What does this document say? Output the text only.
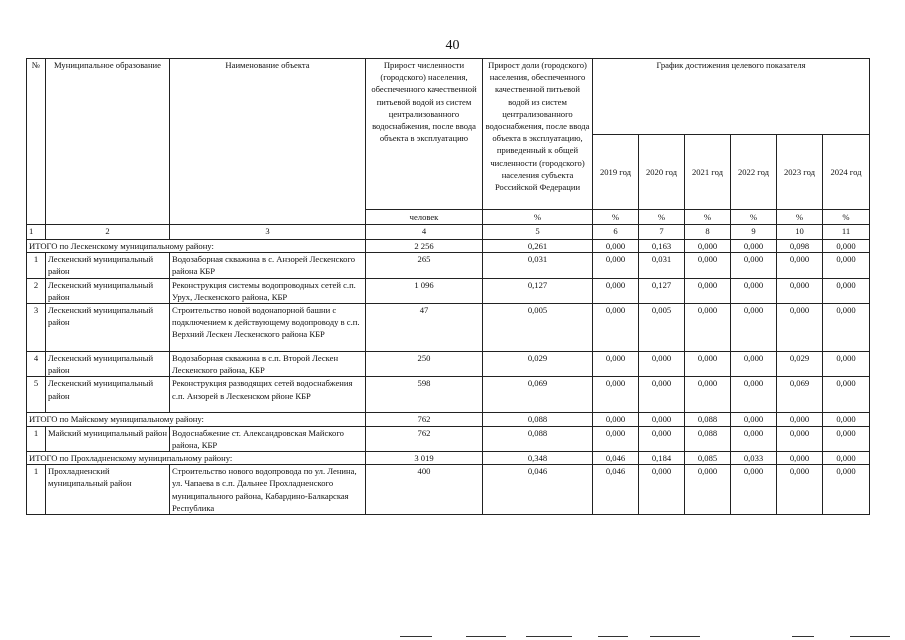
40
№	Муниципальное образование	Наименование объекта	Прирост численности (городского) населения, обеспеченного качественной питьевой водой из систем централизованного водоснабжения, после ввода объекта в эксплуатацию	Прирост доли (городского) населения, обеспеченного качественной питьевой водой из систем централизованного водоснабжения, после ввода объекта в эксплуатацию, приведенный к общей численности (городского) населения субъекта Российской Федерации	График достижения целевого показателя					
					2019 год	2020 год	2021 год	2022 год	2023 год	2024 год
			человек	%	%	%	%	%	%	%
1	2	3	4	5	6	7	8	9	10	11
ИТОГО по Лескенскому муниципальному району:			2 256	0,261	0,000	0,163	0,000	0,000	0,098	0,000
1	Лескенский муниципальный район	Водозаборная скважина в с. Анзорей Лескенского района КБР	265	0,031	0,000	0,031	0,000	0,000	0,000	0,000
2	Лескенский муниципальный район	Реконструкция системы водопроводных сетей с.п. Урух, Лескенского района, КБР	1 096	0,127	0,000	0,127	0,000	0,000	0,000	0,000
3	Лескенский муниципальный район	Строительство новой водонапорной башни с подключением к действующему водопроводу в с.п. Верхний Лескен Лескенского района КБР	47	0,005	0,000	0,005	0,000	0,000	0,000	0,000
4	Лескенский муниципальный район	Водозаборная скважина в с.п. Второй Лескен Лескенского района, КБР	250	0,029	0,000	0,000	0,000	0,000	0,029	0,000
5	Лескенский муниципальный район	Реконструкция разводящих сетей водоснабжения с.п. Анзорей в Лескенском рйоне КБР	598	0,069	0,000	0,000	0,000	0,000	0,069	0,000
ИТОГО по Майскому муниципальному району:			762	0,088	0,000	0,000	0,088	0,000	0,000	0,000
1	Майский муниципальный район	Водоснабжение ст. Александровская Майского района, КБР	762	0,088	0,000	0,000	0,088	0,000	0,000	0,000
ИТОГО по Прохладненскому муниципальному району:			3 019	0,348	0,046	0,184	0,085	0,033	0,000	0,000
1	Прохладненский муниципальный район	Строительство нового водопровода по ул. Ленина, ул. Чапаева в с.п. Дальнее Прохладненского муниципального района, Кабардино-Балкарская Республика	400	0,046	0,046	0,000	0,000	0,000	0,000	0,000
